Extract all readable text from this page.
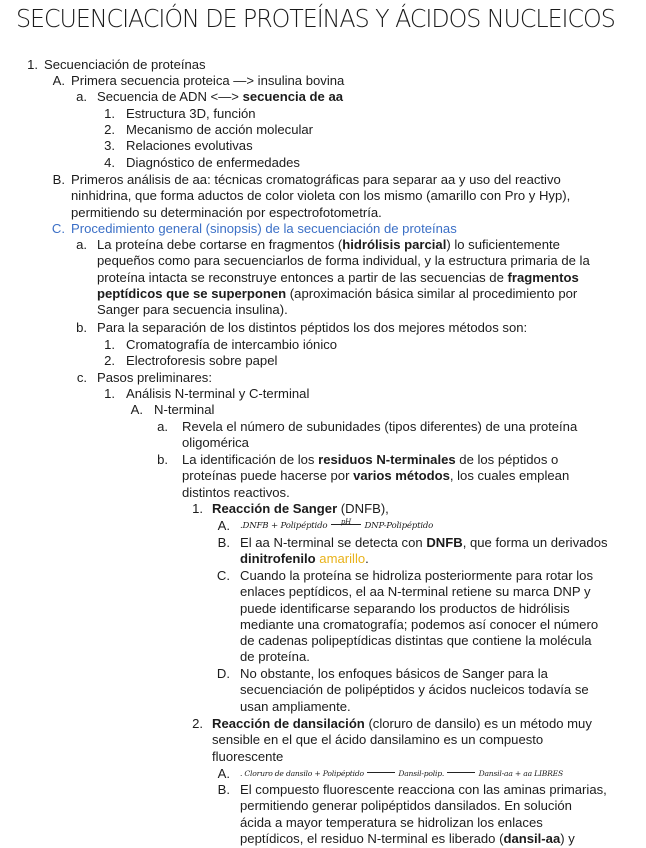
SECUENCIACIÓN DE PROTEÍNAS Y ÁCIDOS NUCLEICOS
1. Secuenciación de proteínas
A. Primera secuencia proteica —> insulina bovina
a. Secuencia de ADN <—> secuencia de aa
1. Estructura 3D, función
2. Mecanismo de acción molecular
3. Relaciones evolutivas
4. Diagnóstico de enfermedades
B. Primeros análisis de aa: técnicas cromatográficas para separar aa y uso del reactivo
ninhidrina, que forma aductos de color violeta con los mismo (amarillo con Pro y Hyp),
permitiendo su determinación por espectrofotometría.
C. Procedimiento general (sinopsis) de la secuenciación de proteínas
a. La proteína debe cortarse en fragmentos (hidrólisis parcial) lo suficientemente
pequeños como para secuenciarlos de forma individual, y la estructura primaria de la
proteína intacta se reconstruye entonces a partir de las secuencias de fragmentos
peptídicos que se superponen (aproximación básica similar al procedimiento por
Sanger para secuencia insulina).
b. Para la separación de los distintos péptidos los dos mejores métodos son:
1. Cromatografía de intercambio iónico
2. Electroforesis sobre papel
c. Pasos preliminares:
1. Análisis N-terminal y C-terminal
A. N-terminal
a. Revela el número de subunidades (tipos diferentes) de una proteína
oligomérica
b. La identificación de los residuos N-terminales de los péptidos o
proteínas puede hacerse por varios métodos, los cuales emplean
distintos reactivos.
1. Reacción de Sanger (DNFB),
A. .DNFB + Polipéptido pH DNP-Polipéptido
B. El aa N-terminal se detecta con DNFB, que forma un derivados
dinitrofenilo amarillo.
C. Cuando la proteína se hidroliza posteriormente para rotar los
enlaces peptídicos, el aa N-terminal retiene su marca DNP y
puede identificarse separando los productos de hidrólisis
mediante una cromatografía; podemos así conocer el número
de cadenas polipeptídicas distintas que contiene la molécula
de proteína.
D. No obstante, los enfoques básicos de Sanger para la
secuenciación de polipéptidos y ácidos nucleicos todavía se
usan ampliamente.
2. Reacción de dansilación (cloruro de dansilo) es un método muy
sensible en el que el ácido dansilamino es un compuesto
fluorescente
A. . Cloruro de dansilo + Polipéptido	Dansil-polip.	Dansil-aa + aa LIBRES
B. El compuesto fluorescente reacciona con las aminas primarias,
permitiendo generar polipéptidos dansilados. En solución
ácida a mayor temperatura se hidrolizan los enlaces
peptídicos, el residuo N-terminal es liberado (dansil-aa) y
